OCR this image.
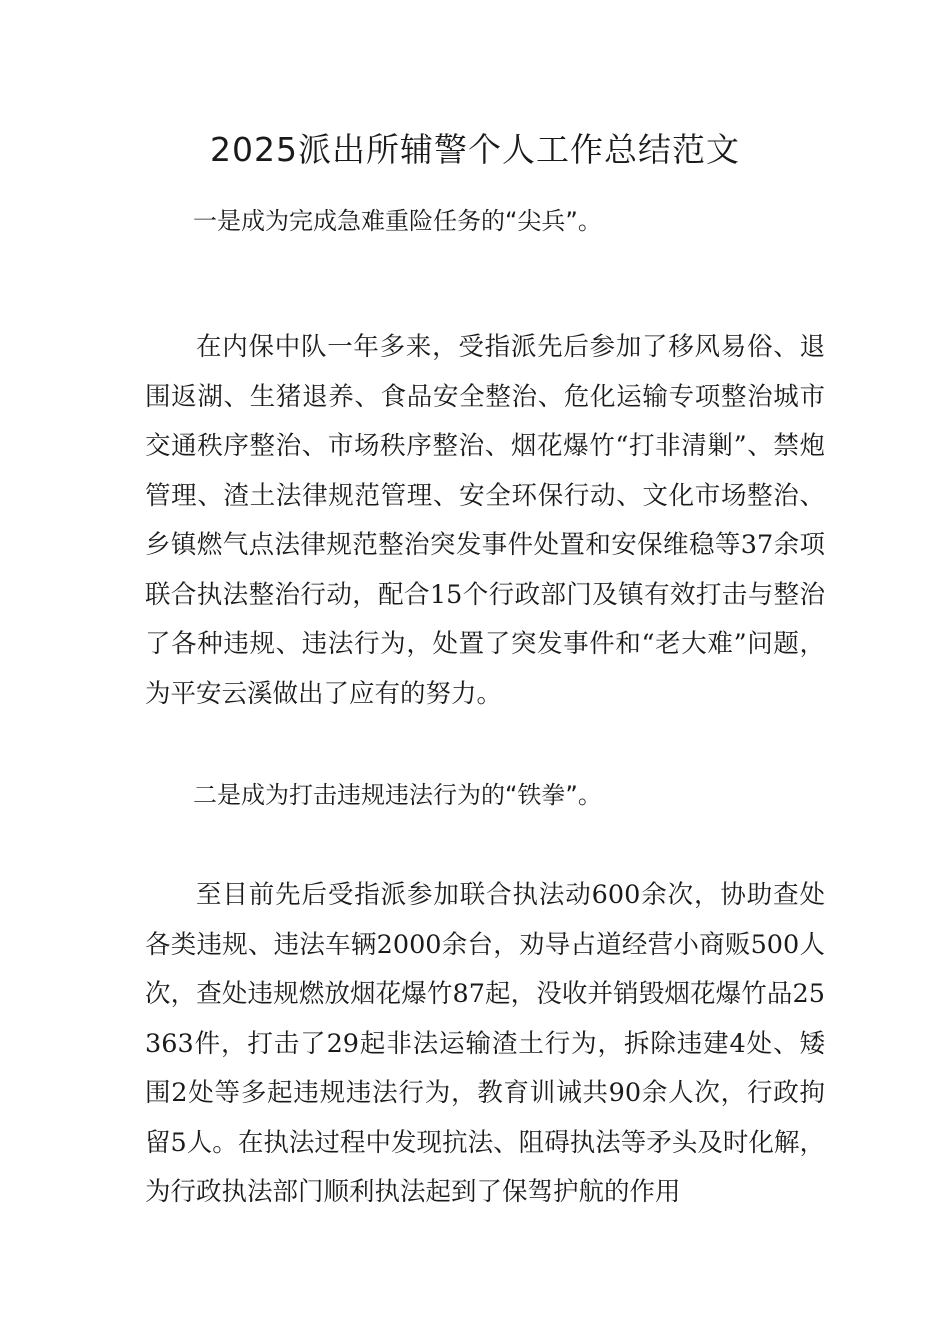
2025派出所辅警个人工作总结范文

一是成为完成急难重险任务的“尖兵”。

在内保中队一年多来，受指派先后参加了移风易俗、退围返湖、生猪退养、食品安全整治、危化运输专项整治城市交通秩序整治、市场秩序整治、烟花爆竹“打非清剿”、禁炮管理、渣土法律规范管理、安全环保行动、文化市场整治、乡镇燃气点法律规范整治突发事件处置和安保维稳等37余项联合执法整治行动，配合15个行政部门及镇有效打击与整治了各种违规、违法行为，处置了突发事件和“老大难”问题，为平安云溪做出了应有的努力。

二是成为打击违规违法行为的“铁拳”。

至目前先后受指派参加联合执法动600余次，协助查处各类违规、违法车辆2000余台，劝导占道经营小商贩500人次，查处违规燃放烟花爆竹87起，没收并销毁烟花爆竹品25363件，打击了29起非法运输渣土行为，拆除违建4处、矮围2处等多起违规违法行为，教育训诫共90余人次，行政拘留5人。在执法过程中发现抗法、阻碍执法等矛头及时化解，为行政执法部门顺利执法起到了保驾护航的作用
